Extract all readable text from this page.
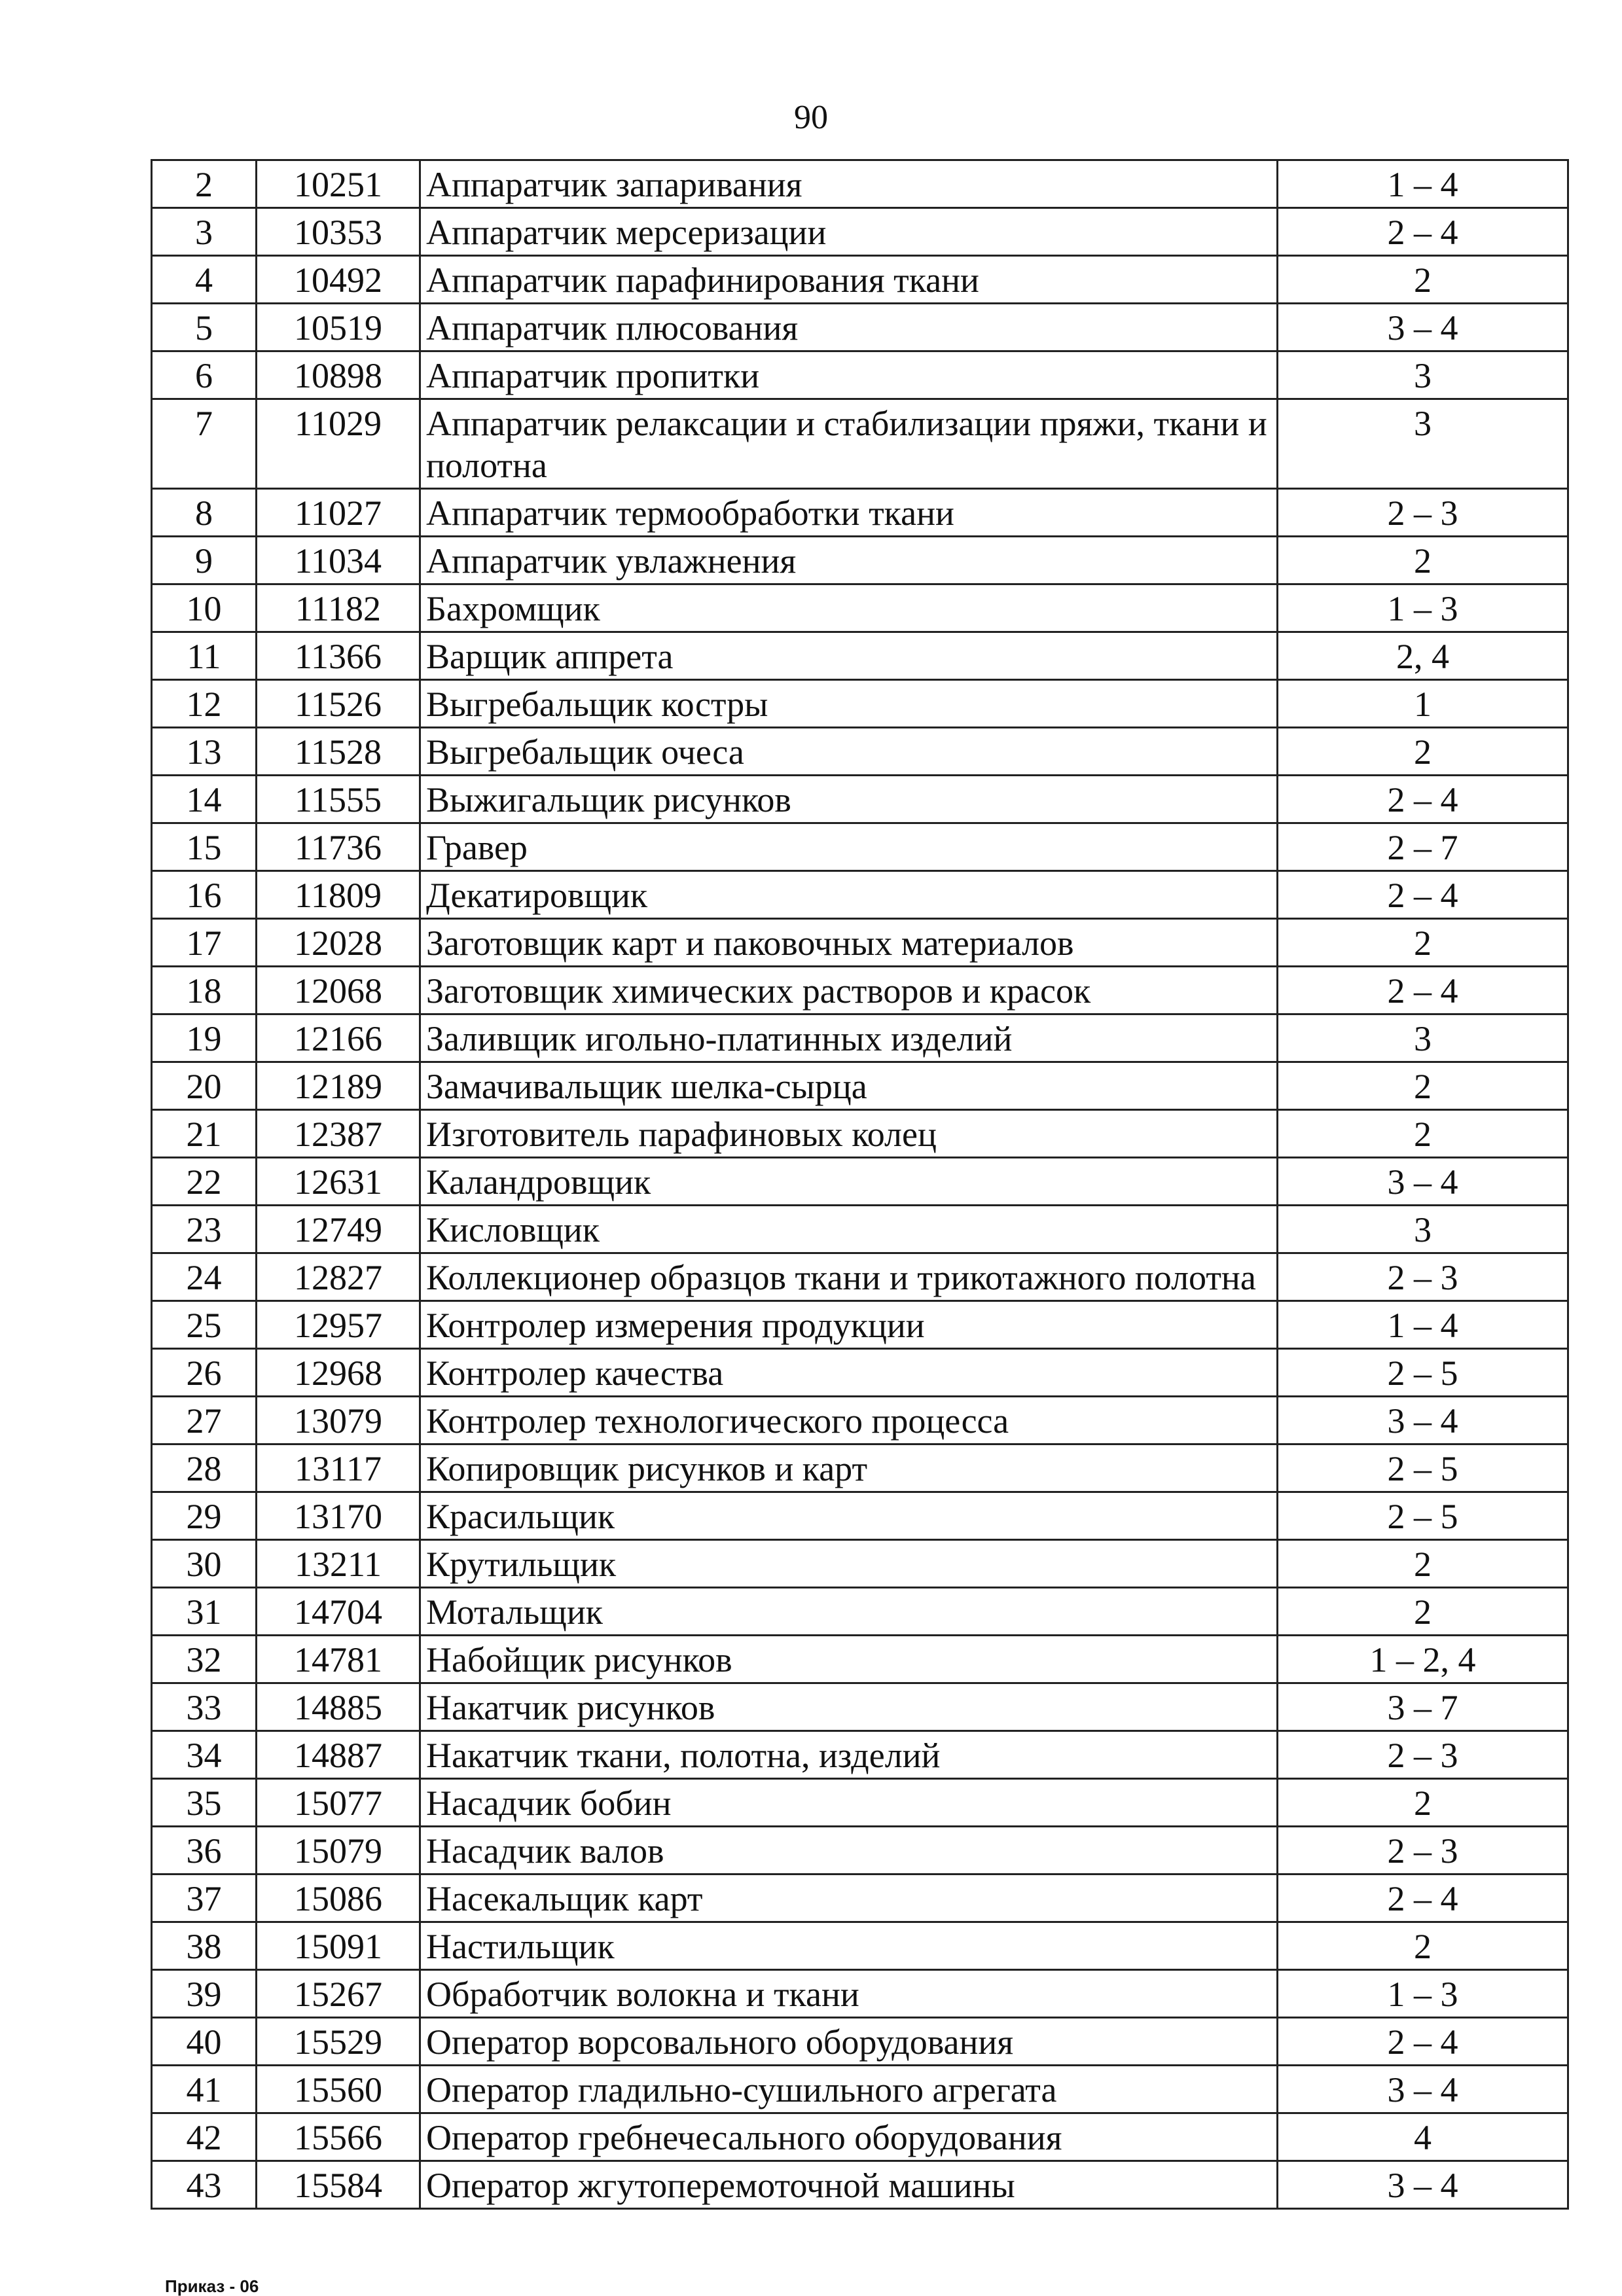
90
2	10251	Аппаратчик запаривания	1 – 4
3	10353	Аппаратчик мерсеризации	2 – 4
4	10492	Аппаратчик парафинирования ткани	2
5	10519	Аппаратчик плюсования	3 – 4
6	10898	Аппаратчик пропитки	3
7	11029	Аппаратчик релаксации и стабилизации пряжи, ткани и полотна	3
8	11027	Аппаратчик термообработки ткани	2 – 3
9	11034	Аппаратчик увлажнения	2
10	11182	Бахромщик	1 – 3
11	11366	Варщик аппрета	2, 4
12	11526	Выгребальщик костры	1
13	11528	Выгребальщик очеса	2
14	11555	Выжигальщик рисунков	2 – 4
15	11736	Гравер	2 – 7
16	11809	Декатировщик	2 – 4
17	12028	Заготовщик карт и паковочных материалов	2
18	12068	Заготовщик химических растворов и красок	2 – 4
19	12166	Заливщик игольно-платинных изделий	3
20	12189	Замачивальщик шелка-сырца	2
21	12387	Изготовитель парафиновых колец	2
22	12631	Каландровщик	3 – 4
23	12749	Кисловщик	3
24	12827	Коллекционер образцов ткани и трикотажного полотна	2 – 3
25	12957	Контролер измерения продукции	1 – 4
26	12968	Контролер качества	2 – 5
27	13079	Контролер технологического процесса	3 – 4
28	13117	Копировщик рисунков и карт	2 – 5
29	13170	Красильщик	2 – 5
30	13211	Крутильщик	2
31	14704	Мотальщик	2
32	14781	Набойщик рисунков	1 – 2, 4
33	14885	Накатчик рисунков	3 – 7
34	14887	Накатчик ткани, полотна, изделий	2 – 3
35	15077	Насадчик бобин	2
36	15079	Насадчик валов	2 – 3
37	15086	Насекальщик карт	2 – 4
38	15091	Настильщик	2
39	15267	Обработчик волокна и ткани	1 – 3
40	15529	Оператор ворсовального оборудования	2 – 4
41	15560	Оператор гладильно-сушильного агрегата	3 – 4
42	15566	Оператор гребнечесального оборудования	4
43	15584	Оператор жгутоперемоточной машины	3 – 4
Приказ - 06
